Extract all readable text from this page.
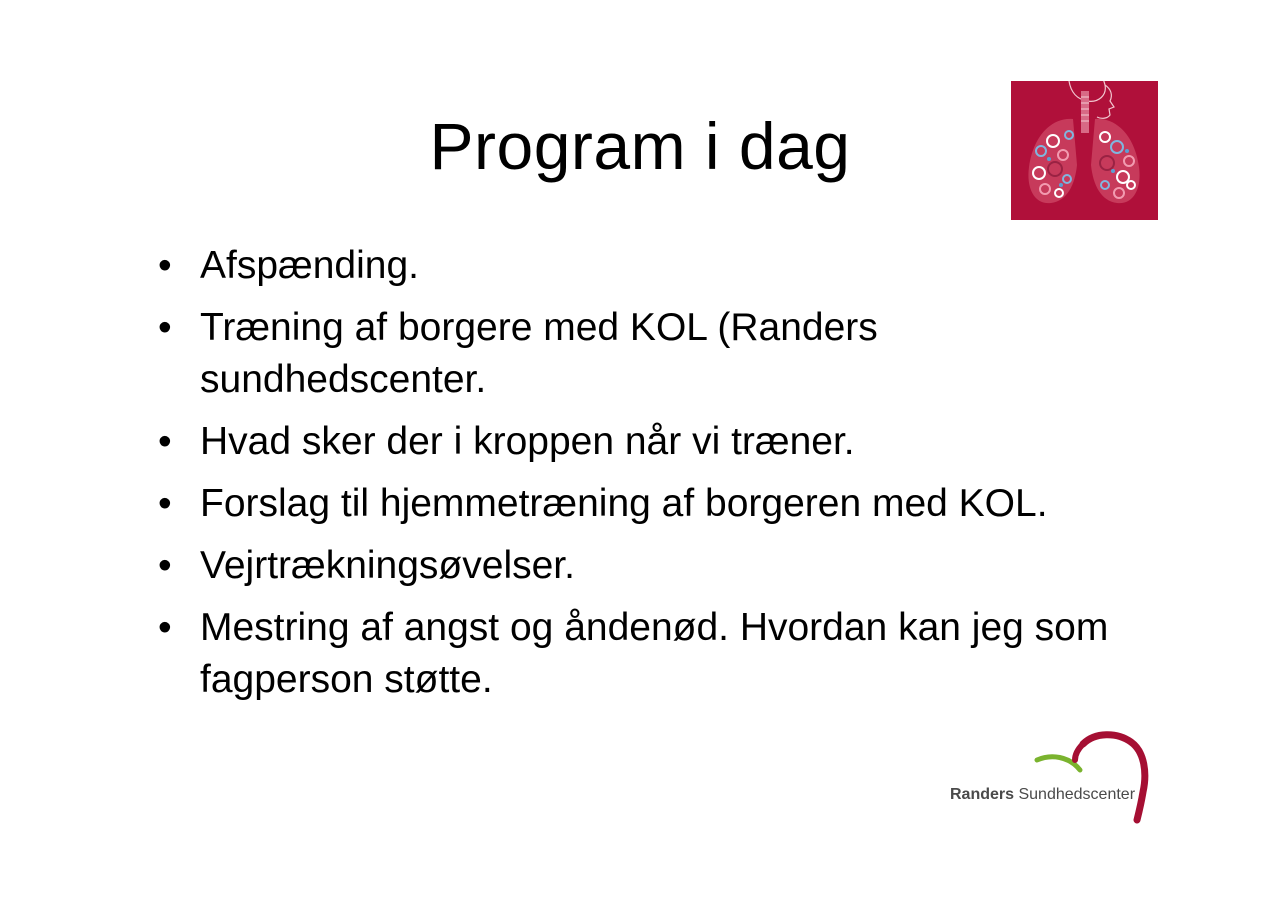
Program i dag
• Afspænding.
• Træning af borgere med KOL (Randers sundhedscenter.
• Hvad sker der i kroppen når vi træner.
• Forslag til hjemmetræning af borgeren med KOL.
• Vejrtrækningsøvelser.
• Mestring af angst og åndenød. Hvordan kan jeg som fagperson støtte.
Randers Sundhedscenter
